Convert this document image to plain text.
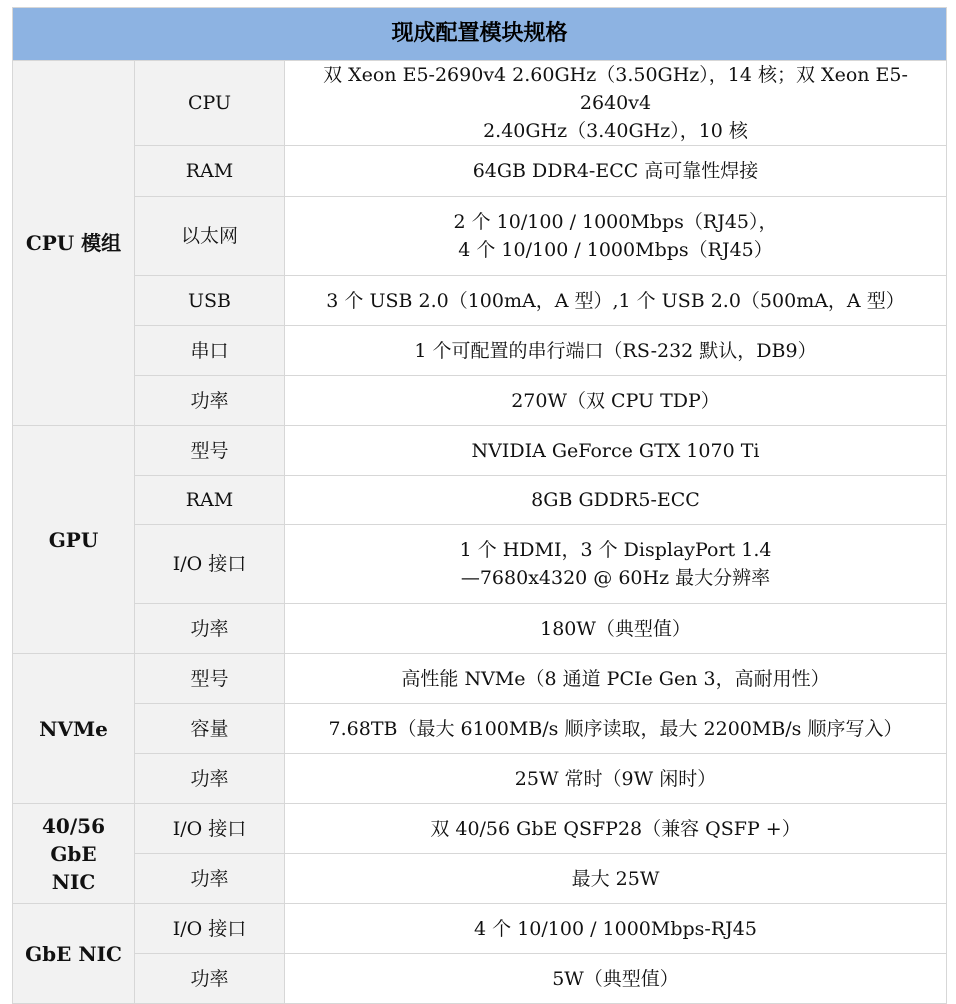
现成配置模块规格		
CPU 模组	CPU	双 Xeon E5-2690v4 2.60GHz（3.50GHz），14 核；双 Xeon E5-2640v4
2.40GHz（3.40GHz），10 核
	RAM	64GB DDR4-ECC 高可靠性焊接
	以太网	2 个 10/100 / 1000Mbps（RJ45），
4 个 10/100 / 1000Mbps（RJ45）
	USB	3 个 USB 2.0（100mA，A 型）,1 个 USB 2.0（500mA，A 型）
	串口	1 个可配置的串行端口（RS-232 默认，DB9）
	功率	270W（双 CPU TDP）
GPU	型号	NVIDIA GeForce GTX 1070 Ti
	RAM	8GB GDDR5-ECC
	I/O 接口	1 个 HDMI，3 个 DisplayPort 1.4
—7680x4320 @ 60Hz 最大分辨率
	功率	180W（典型值）
NVMe	型号	高性能 NVMe（8 通道 PCIe Gen 3，高耐用性）
	容量	7.68TB（最大 6100MB/s 顺序读取，最大 2200MB/s 顺序写入）
	功率	25W 常时（9W 闲时）
40/56 GbE
NIC	I/O 接口	双 40/56 GbE QSFP28（兼容 QSFP +）
	功率	最大 25W
GbE NIC	I/O 接口	4 个 10/100 / 1000Mbps-RJ45
	功率	5W（典型值）
